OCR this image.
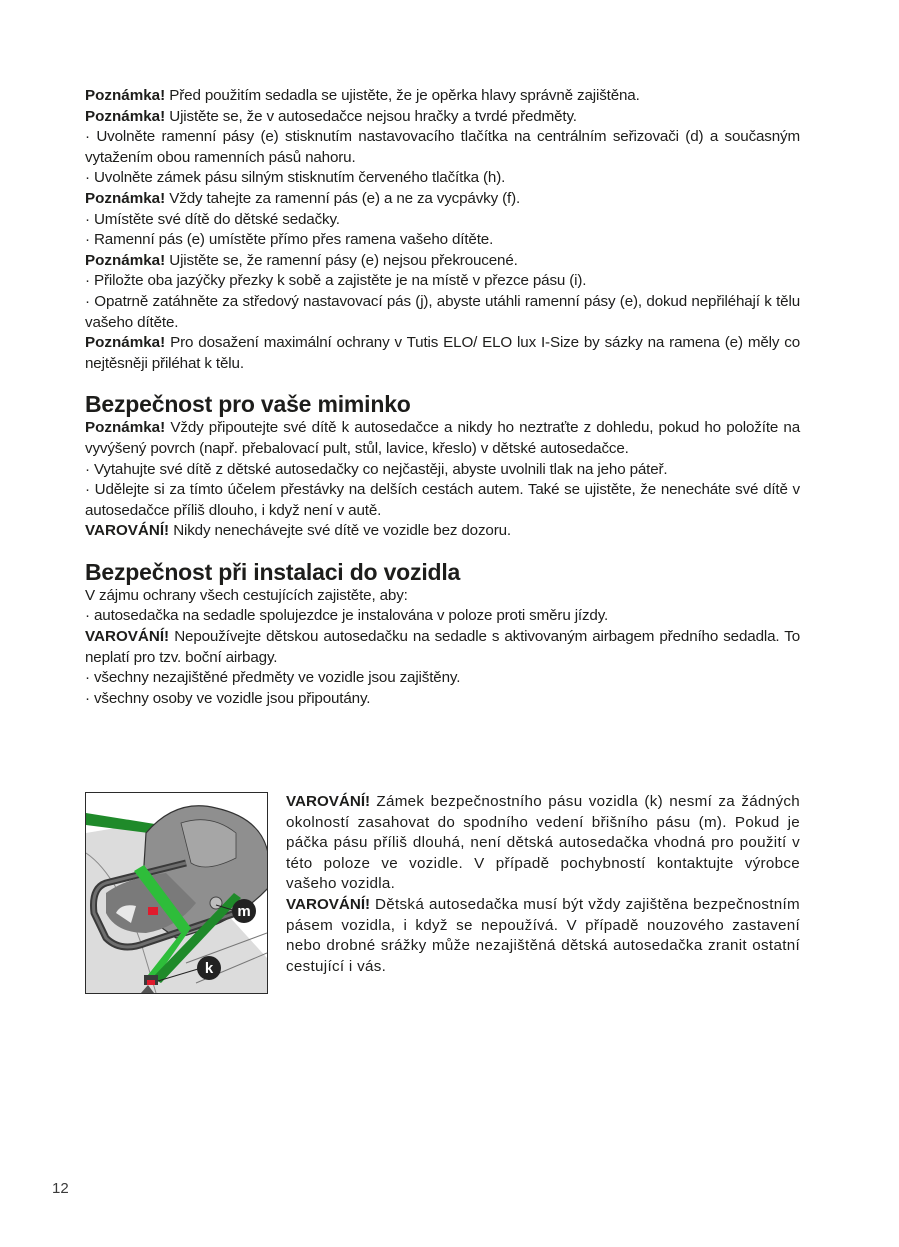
Poznámka! Před použitím sedadla se ujistěte, že je opěrka hlavy správně zajištěna.

Poznámka! Ujistěte se, že v autosedačce nejsou hračky a tvrdé předměty.

· Uvolněte ramenní pásy (e) stisknutím nastavovacího tlačítka na centrálním seřizovači (d) a současným vytažením obou ramenních pásů nahoru.

· Uvolněte zámek pásu silným stisknutím červeného tlačítka (h).

Poznámka! Vždy tahejte za ramenní pás (e) a ne za vycpávky (f).

· Umístěte své dítě do dětské sedačky.

· Ramenní pás (e) umístěte přímo přes ramena vašeho dítěte.

Poznámka! Ujistěte se, že ramenní pásy (e) nejsou překroucené.

· Přiložte oba jazýčky přezky k sobě a zajistěte je na místě v přezce pásu (i).

· Opatrně zatáhněte za středový nastavovací pás (j), abyste utáhli ramenní pásy (e), dokud nepřiléhají k tělu vašeho dítěte.

Poznámka! Pro dosažení maximální ochrany v Tutis ELO/ ELO lux I-Size by sázky na ramena (e) měly co nejtěsněji přiléhat k tělu.

Bezpečnost pro vaše miminko

Poznámka! Vždy připoutejte své dítě k autosedačce a nikdy ho neztraťte z dohledu, pokud ho položíte na vyvýšený povrch (např. přebalovací pult, stůl, lavice, křeslo) v dětské autosedačce.

· Vytahujte své dítě z dětské autosedačky co nejčastěji, abyste uvolnili tlak na jeho páteř.

· Udělejte si za tímto účelem přestávky na delších cestách autem. Také se ujistěte, že nenecháte své dítě v autosedačce příliš dlouho, i když není v autě.

VAROVÁNÍ! Nikdy nenechávejte své dítě ve vozidle bez dozoru.

Bezpečnost při instalaci do vozidla

V zájmu ochrany všech cestujících zajistěte, aby:

· autosedačka na sedadle spolujezdce je instalována v poloze proti směru jízdy.

VAROVÁNÍ! Nepoužívejte dětskou autosedačku na sedadle s aktivovaným airbagem předního sedadla. To neplatí pro tzv. boční airbagy.

· všechny nezajištěné předměty ve vozidle jsou zajištěny.

· všechny osoby ve vozidle jsou připoutány.

m
k

VAROVÁNÍ! Zámek bezpečnostního pásu vozidla (k) nesmí za žádných okolností zasahovat do spodního vedení břišního pásu (m). Pokud je páčka pásu příliš dlouhá, není dětská autosedačka vhodná pro použití v této poloze ve vozidle. V případě pochybností kontaktujte výrobce vašeho vozidla.

VAROVÁNÍ! Dětská autosedačka musí být vždy zajištěna bezpečnostním pásem vozidla, i když se nepoužívá. V případě nouzového zastavení nebo drobné srážky může nezajištěná dětská autosedačka zranit ostatní cestující i vás.

12
